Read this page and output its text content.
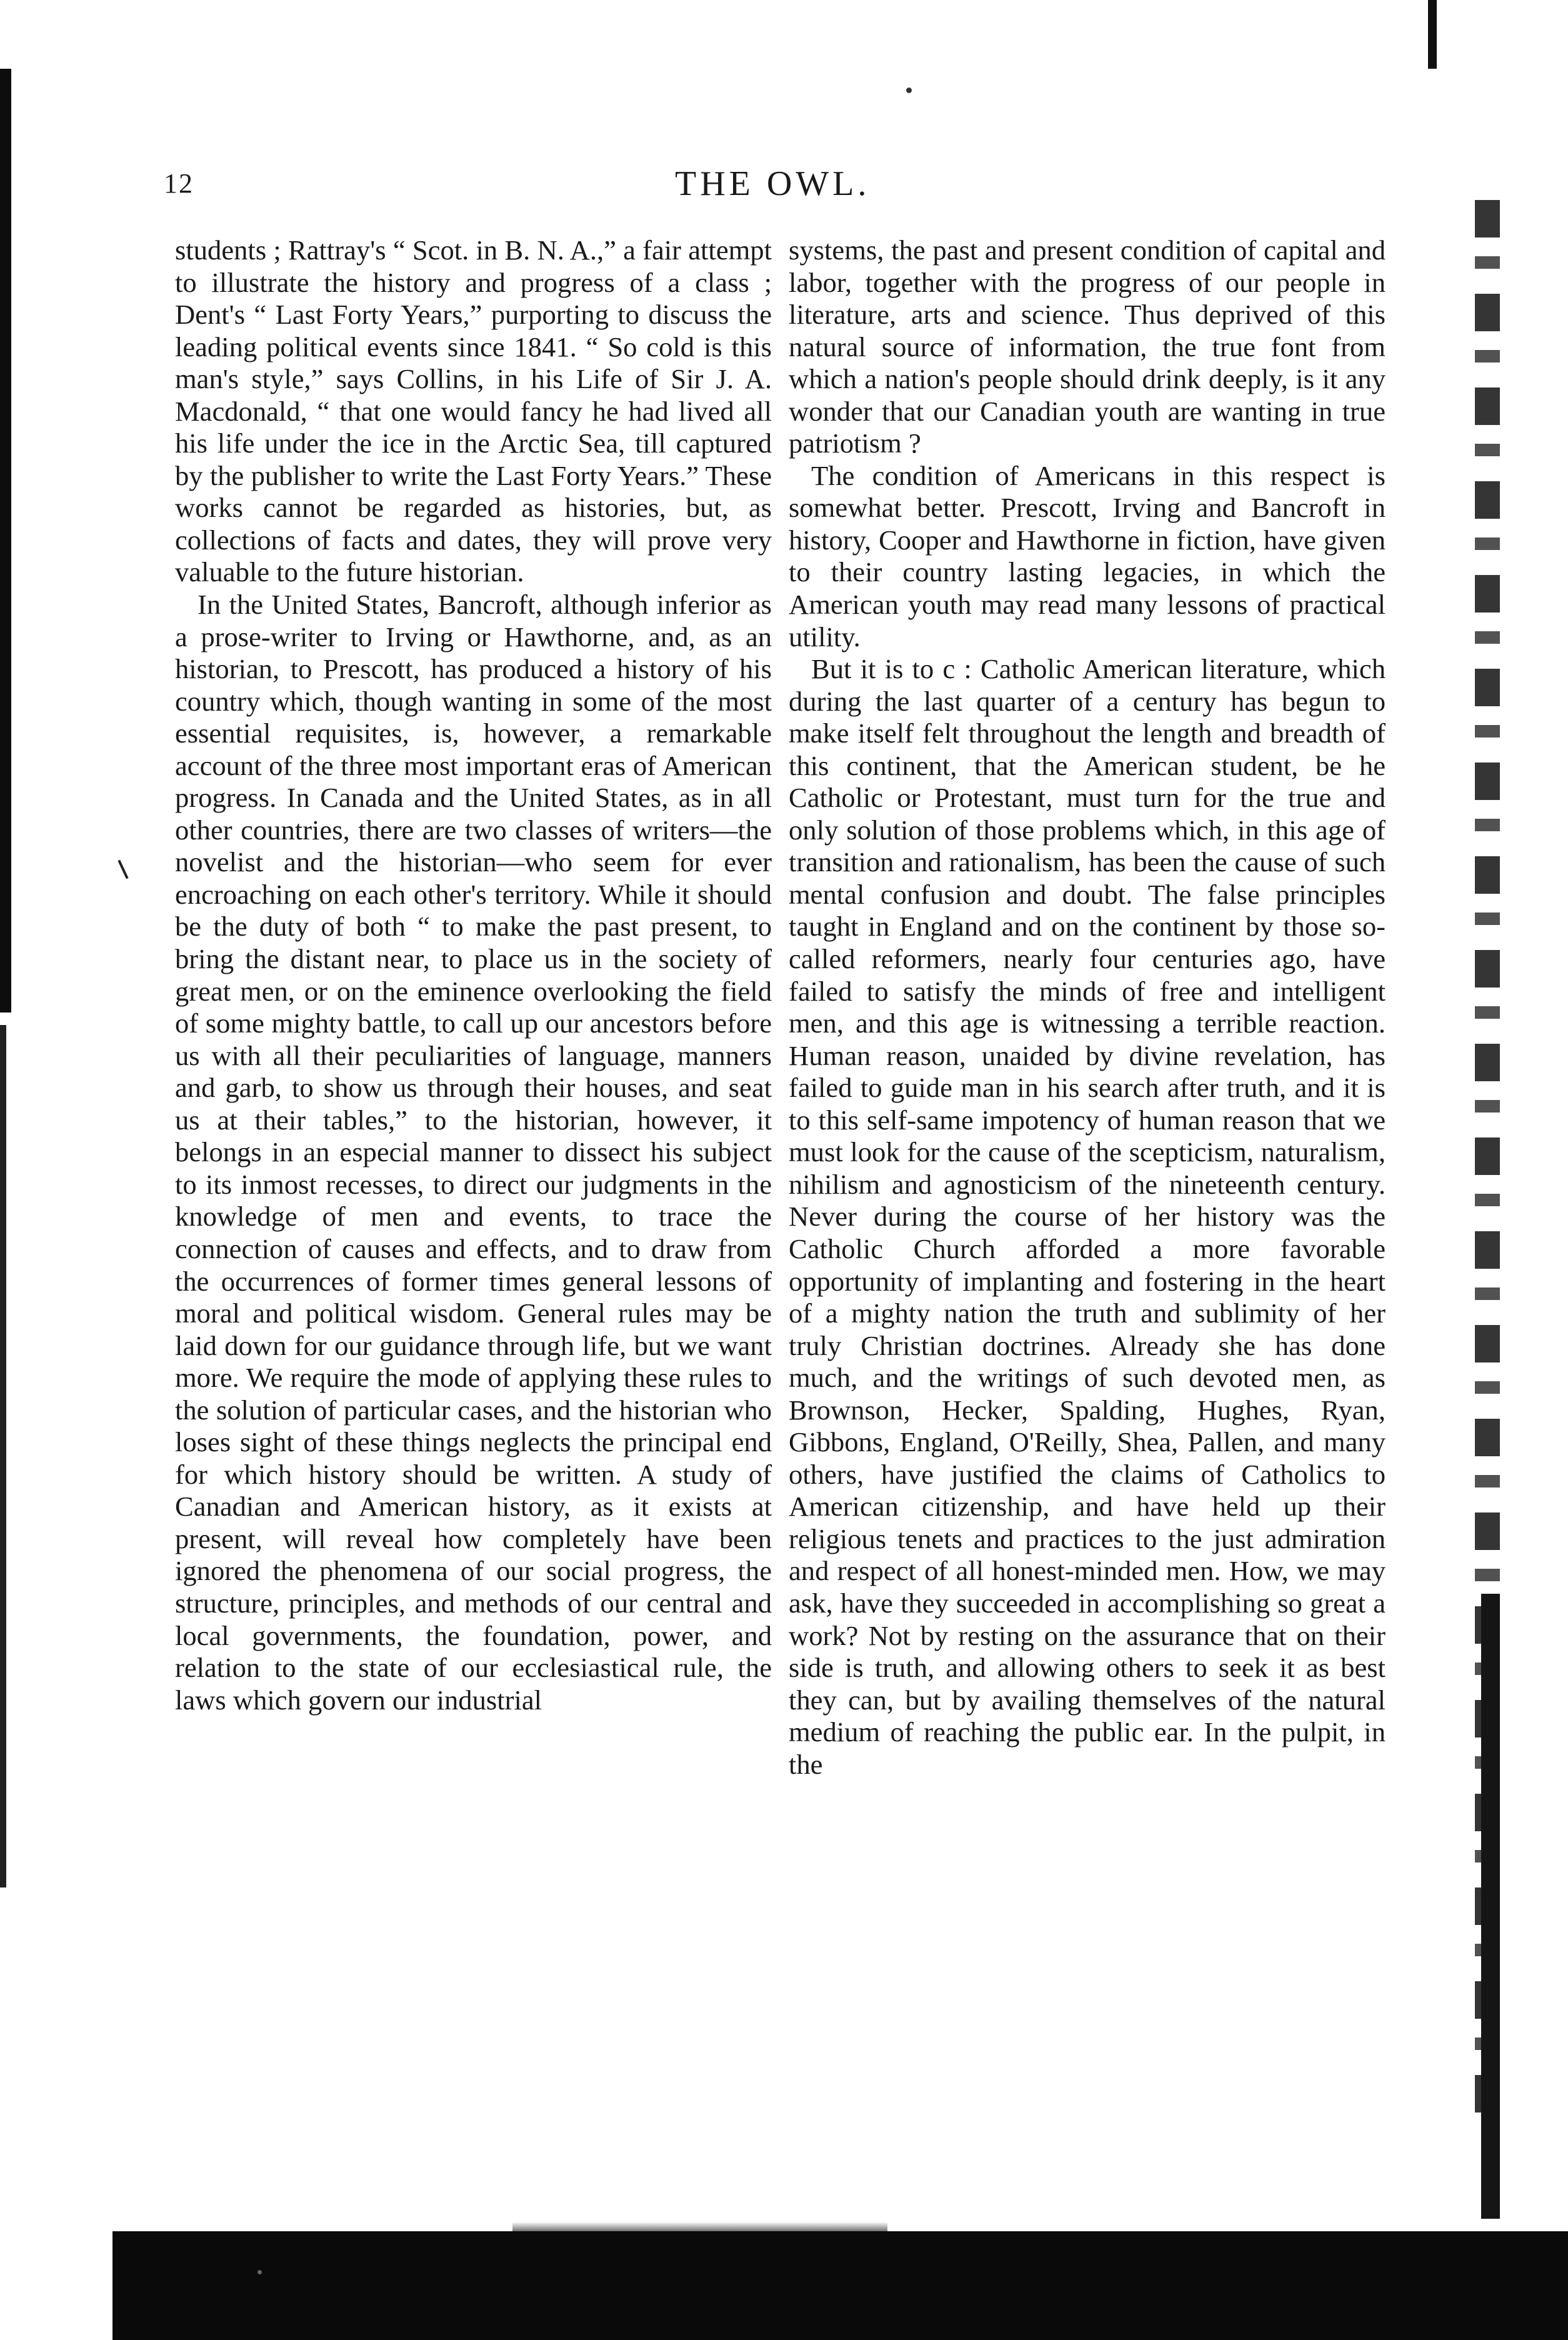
12	THE OWL.

students ; Rattray's “ Scot. in B. N. A.,” a fair attempt to illustrate the history and progress of a class ; Dent's “ Last Forty Years,” purporting to discuss the leading political events since 1841. “ So cold is this man's style,” says Collins, in his Life of Sir J. A. Macdonald, “ that one would fancy he had lived all his life under the ice in the Arctic Sea, till captured by the publisher to write the Last Forty Years.” These works cannot be regarded as histories, but, as collections of facts and dates, they will prove very valuable to the future historian.

In the United States, Bancroft, although inferior as a prose-writer to Irving or Hawthorne, and, as an historian, to Prescott, has produced a history of his country which, though wanting in some of the most essential requisites, is, however, a remarkable account of the three most important eras of American progress. In Canada and the United States, as in all other countries, there are two classes of writers—the novelist and the historian—who seem for ever encroaching on each other's territory. While it should be the duty of both “ to make the past present, to bring the distant near, to place us in the society of great men, or on the eminence overlooking the field of some mighty battle, to call up our ancestors before us with all their peculiarities of language, manners and garb, to show us through their houses, and seat us at their tables,” to the historian, however, it belongs in an especial manner to dissect his subject to its inmost recesses, to direct our judgments in the knowledge of men and events, to trace the connection of causes and effects, and to draw from the occurrences of former times general lessons of moral and political wisdom. General rules may be laid down for our guidance through life, but we want more. We require the mode of applying these rules to the solution of particular cases, and the historian who loses sight of these things neglects the principal end for which history should be written. A study of Canadian and American history, as it exists at present, will reveal how completely have been ignored the phenomena of our social progress, the structure, principles, and methods of our central and local governments, the foundation, power, and relation to the state of our ecclesiastical rule, the laws which govern our industrial

systems, the past and present condition of capital and labor, together with the progress of our people in literature, arts and science. Thus deprived of this natural source of information, the true font from which a nation's people should drink deeply, is it any wonder that our Canadian youth are wanting in true patriotism ?

The condition of Americans in this respect is somewhat better. Prescott, Irving and Bancroft in history, Cooper and Hawthorne in fiction, have given to their country lasting legacies, in which the American youth may read many lessons of practical utility.

But it is to c : Catholic American literature, which during the last quarter of a century has begun to make itself felt throughout the length and breadth of this continent, that the American student, be he Catholic or Protestant, must turn for the true and only solution of those problems which, in this age of transition and rationalism, has been the cause of such mental confusion and doubt. The false principles taught in England and on the continent by those so-called reformers, nearly four centuries ago, have failed to satisfy the minds of free and intelligent men, and this age is witnessing a terrible reaction. Human reason, unaided by divine revelation, has failed to guide man in his search after truth, and it is to this self-same impotency of human reason that we must look for the cause of the scepticism, naturalism, nihilism and agnosticism of the nineteenth century. Never during the course of her history was the Catholic Church afforded a more favorable opportunity of implanting and fostering in the heart of a mighty nation the truth and sublimity of her truly Christian doctrines. Already she has done much, and the writings of such devoted men, as Brownson, Hecker, Spalding, Hughes, Ryan, Gibbons, England, O'Reilly, Shea, Pallen, and many others, have justified the claims of Catholics to American citizenship, and have held up their religious tenets and practices to the just admiration and respect of all honest-minded men. How, we may ask, have they succeeded in accomplishing so great a work? Not by resting on the assurance that on their side is truth, and allowing others to seek it as best they can, but by availing themselves of the natural medium of reaching the public ear. In the pulpit, in the
